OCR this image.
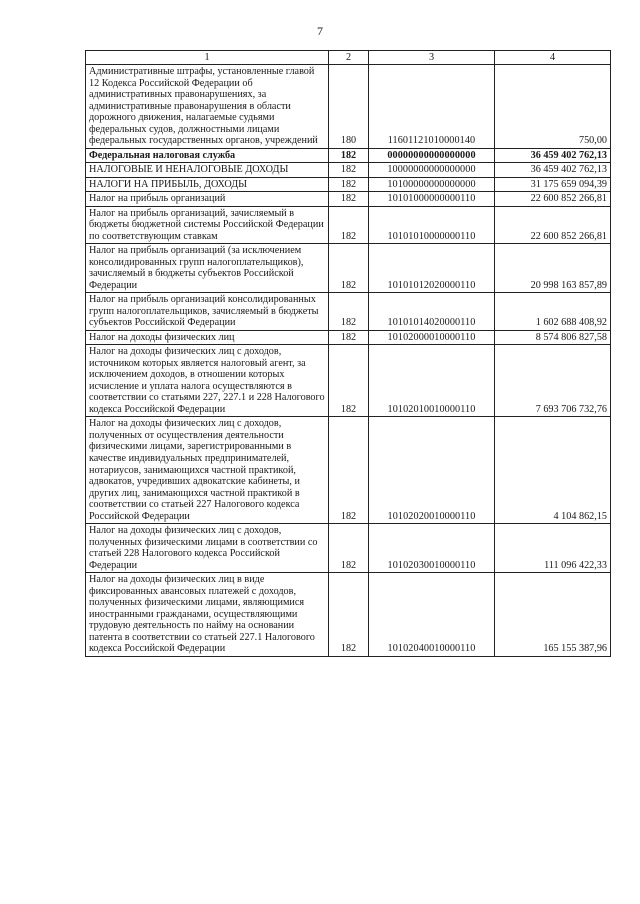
7
1	2	3	4
Административные штрафы, установленные главой 12 Кодекса Российской Федерации об административных правонарушениях, за административные правонарушения в области дорожного движения, налагаемые судьями федеральных судов, должностными лицами федеральных государственных органов, учреждений	180	11601121010000140	750,00
Федеральная налоговая служба	182	00000000000000000	36 459 402 762,13
НАЛОГОВЫЕ И НЕНАЛОГОВЫЕ ДОХОДЫ	182	10000000000000000	36 459 402 762,13
НАЛОГИ НА ПРИБЫЛЬ, ДОХОДЫ	182	10100000000000000	31 175 659 094,39
Налог на прибыль организаций	182	10101000000000110	22 600 852 266,81
Налог на прибыль организаций, зачисляемый в бюджеты бюджетной системы Российской Федерации по соответствующим ставкам	182	10101010000000110	22 600 852 266,81
Налог на прибыль организаций (за исключением консолидированных групп налогоплательщиков), зачисляемый в бюджеты субъектов Российской Федерации	182	10101012020000110	20 998 163 857,89
Налог на прибыль организаций консолидированных групп налогоплательщиков, зачисляемый в бюджеты субъектов Российской Федерации	182	10101014020000110	1 602 688 408,92
Налог на доходы физических лиц	182	10102000010000110	8 574 806 827,58
Налог на доходы физических лиц с доходов, источником которых является налоговый агент, за исключением доходов, в отношении которых исчисление и уплата налога осуществляются в соответствии со статьями 227, 227.1 и 228 Налогового кодекса Российской Федерации	182	10102010010000110	7 693 706 732,76
Налог на доходы физических лиц с доходов, полученных от осуществления деятельности физическими лицами, зарегистрированными в качестве индивидуальных предпринимателей, нотариусов, занимающихся частной практикой, адвокатов, учредивших адвокатские кабинеты, и других лиц, занимающихся частной практикой в соответствии со статьей 227 Налогового кодекса Российской Федерации	182	10102020010000110	4 104 862,15
Налог на доходы физических лиц с доходов, полученных физическими лицами в соответствии со статьей 228 Налогового кодекса Российской Федерации	182	10102030010000110	111 096 422,33
Налог на доходы физических лиц в виде фиксированных авансовых платежей с доходов, полученных физическими лицами, являющимися иностранными гражданами, осуществляющими трудовую деятельность по найму на основании патента в соответствии со статьей 227.1 Налогового кодекса Российской Федерации	182	10102040010000110	165 155 387,96
